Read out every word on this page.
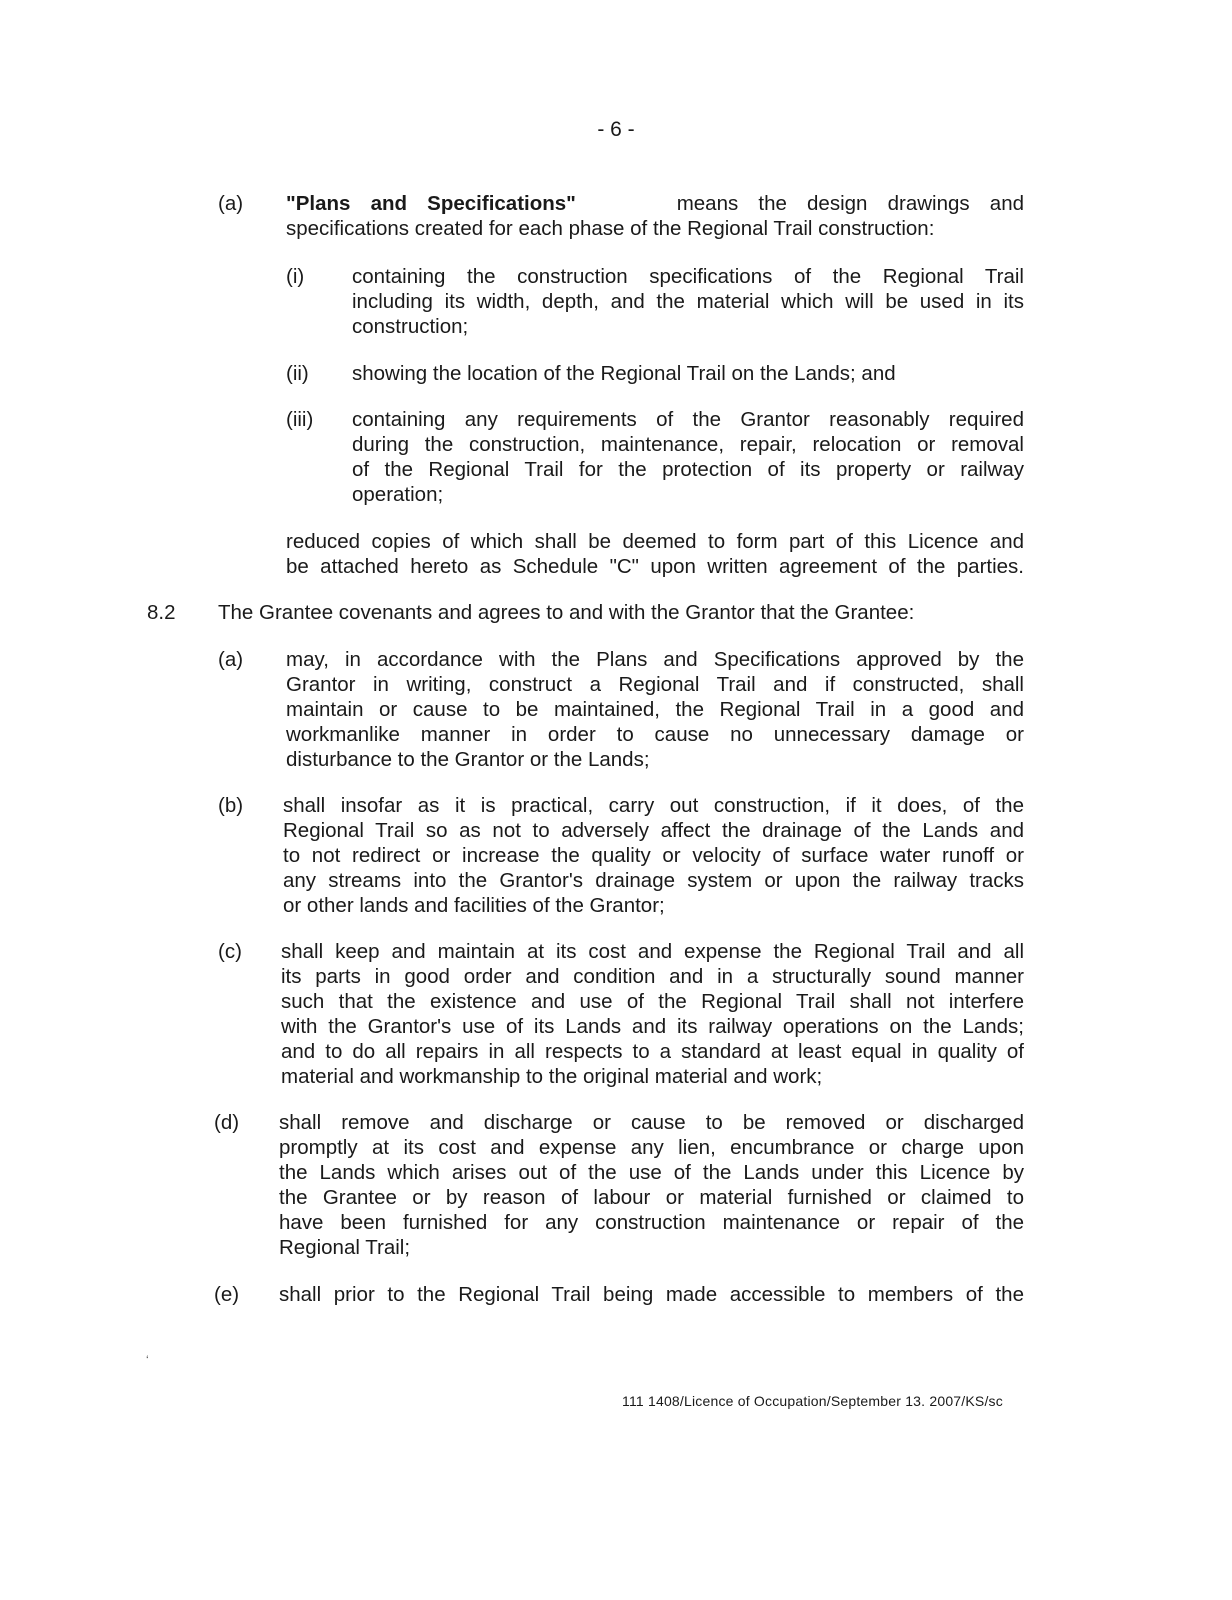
- 6 -
(a) "Plans and Specifications"	means the design drawings and
specifications created for each phase of the Regional Trail construction:
(i) containing the construction specifications of the Regional Trail
including its width, depth, and the material which will be used in its
construction;
(ii) showing the location of the Regional Trail on the Lands; and
(iii) containing any requirements of the Grantor reasonably required
during the construction, maintenance, repair, relocation or removal
of the Regional Trail for the protection of its property or railway
operation;
reduced copies of which shall be deemed to form part of this Licence and
be attached hereto as Schedule "C" upon written agreement of the parties.
8.2 The Grantee covenants and agrees to and with the Grantor that the Grantee:
(a) may, in accordance with the Plans and Specifications approved by the
Grantor in writing, construct a Regional Trail and if constructed, shall
maintain or cause to be maintained, the Regional Trail in a good and
workmanlike manner in order to cause no unnecessary damage or
disturbance to the Grantor or the Lands;
(b) shall insofar as it is practical, carry out construction, if it does, of the
Regional Trail so as not to adversely affect the drainage of the Lands and
to not redirect or increase the quality or velocity of surface water runoff or
any streams into the Grantor's drainage system or upon the railway tracks
or other lands and facilities of the Grantor;
(c) shall keep and maintain at its cost and expense the Regional Trail and all
its parts in good order and condition and in a structurally sound manner
such that the existence and use of the Regional Trail shall not interfere
with the Grantor's use of its Lands and its railway operations on the Lands;
and to do all repairs in all respects to a standard at least equal in quality of
material and workmanship to the original material and work;
(d) shall remove and discharge or cause to be removed or discharged
promptly at its cost and expense any lien, encumbrance or charge upon
the Lands which arises out of the use of the Lands under this Licence by
the Grantee or by reason of labour or material furnished or claimed to
have been furnished for any construction maintenance or repair of the
Regional Trail;
(e) shall prior to the Regional Trail being made accessible to members of the
‘
111 1408/Licence of Occupation/September 13. 2007/KS/sc
